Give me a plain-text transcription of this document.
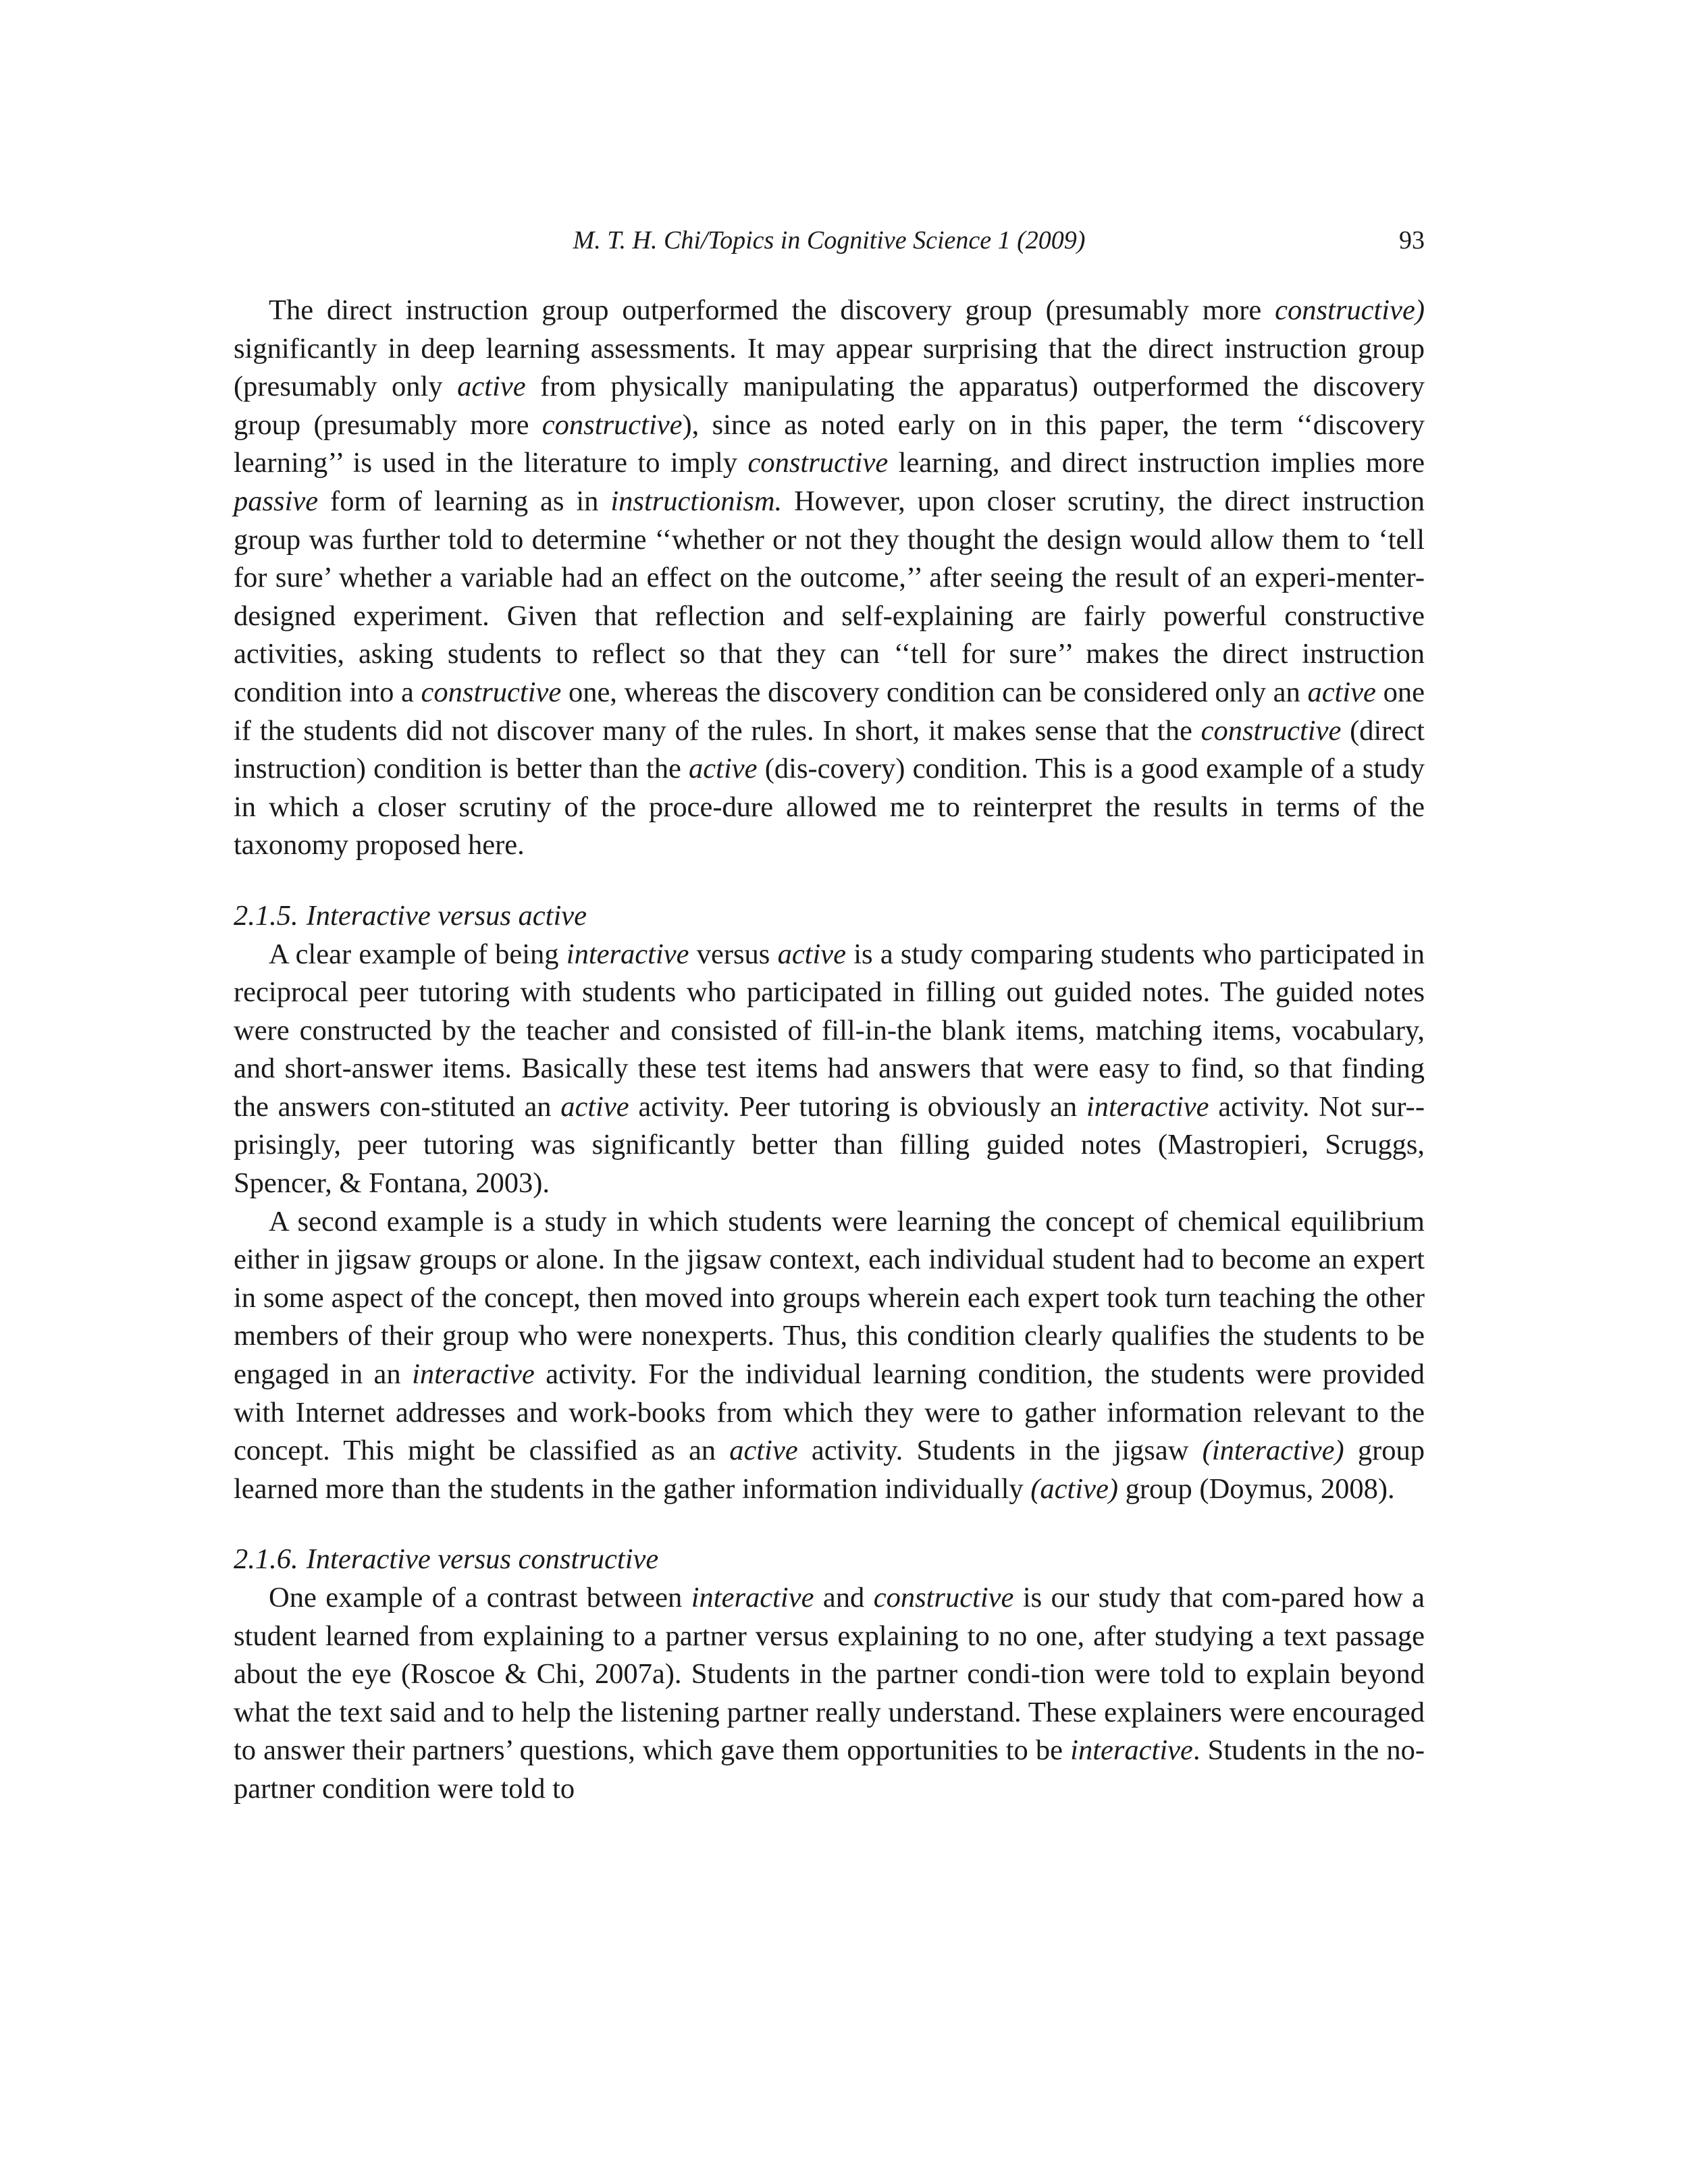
M. T. H. Chi/Topics in Cognitive Science 1 (2009)	93

The direct instruction group outperformed the discovery group (presumably more constructive) significantly in deep learning assessments. It may appear surprising that the direct instruction group (presumably only active from physically manipulating the apparatus) outperformed the discovery group (presumably more constructive), since as noted early on in this paper, the term ‘‘discovery learning’’ is used in the literature to imply constructive learning, and direct instruction implies more passive form of learning as in instructionism. However, upon closer scrutiny, the direct instruction group was further told to determine ‘‘whether or not they thought the design would allow them to ‘tell for sure’ whether a variable had an effect on the outcome,’’ after seeing the result of an experi-menter-designed experiment. Given that reflection and self-explaining are fairly powerful constructive activities, asking students to reflect so that they can ‘‘tell for sure’’ makes the direct instruction condition into a constructive one, whereas the discovery condition can be considered only an active one if the students did not discover many of the rules. In short, it makes sense that the constructive (direct instruction) condition is better than the active (dis-covery) condition. This is a good example of a study in which a closer scrutiny of the proce-dure allowed me to reinterpret the results in terms of the taxonomy proposed here.

2.1.5. Interactive versus active

A clear example of being interactive versus active is a study comparing students who participated in reciprocal peer tutoring with students who participated in filling out guided notes. The guided notes were constructed by the teacher and consisted of fill-in-the blank items, matching items, vocabulary, and short-answer items. Basically these test items had answers that were easy to find, so that finding the answers con-stituted an active activity. Peer tutoring is obviously an interactive activity. Not sur-prisingly, peer tutoring was significantly better than filling guided notes (Mastropieri, Scruggs, Spencer, & Fontana, 2003).

A second example is a study in which students were learning the concept of chemical equilibrium either in jigsaw groups or alone. In the jigsaw context, each individual student had to become an expert in some aspect of the concept, then moved into groups wherein each expert took turn teaching the other members of their group who were nonexperts. Thus, this condition clearly qualifies the students to be engaged in an interactive activity. For the individual learning condition, the students were provided with Internet addresses and work-books from which they were to gather information relevant to the concept. This might be classified as an active activity. Students in the jigsaw (interactive) group learned more than the students in the gather information individually (active) group (Doymus, 2008).

2.1.6. Interactive versus constructive

One example of a contrast between interactive and constructive is our study that com-pared how a student learned from explaining to a partner versus explaining to no one, after studying a text passage about the eye (Roscoe & Chi, 2007a). Students in the partner condi-tion were told to explain beyond what the text said and to help the listening partner really understand. These explainers were encouraged to answer their partners’ questions, which gave them opportunities to be interactive. Students in the no-partner condition were told to
